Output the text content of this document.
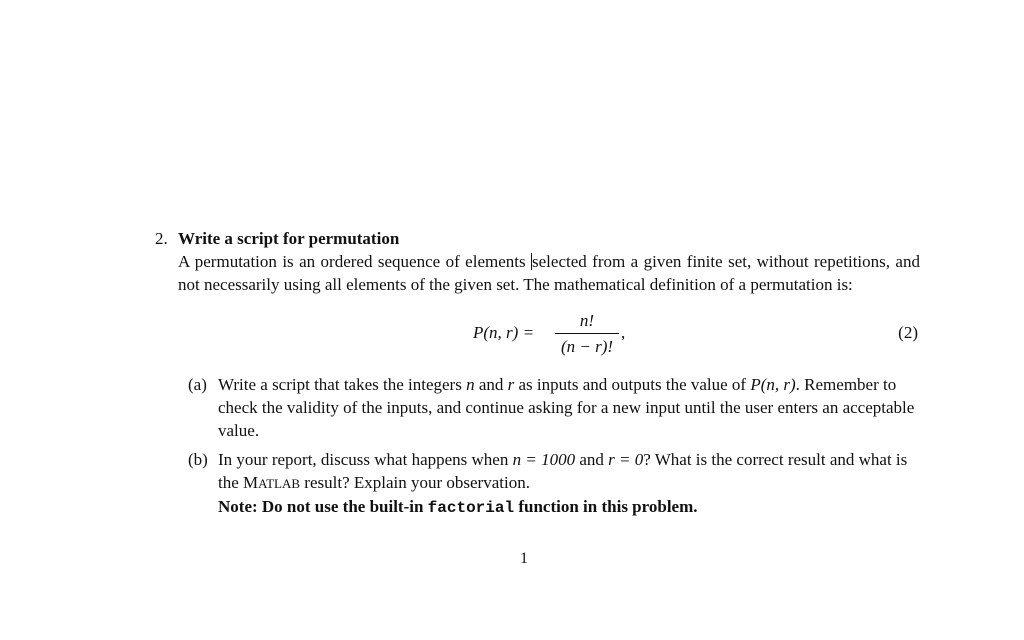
2. Write a script for permutation
A permutation is an ordered sequence of elements selected from a given finite set, without repetitions, and not necessarily using all elements of the given set. The mathematical definition of a permutation is:
P(n, r) =
n!
(n − r)!
,	(2)
(a) Write a script that takes the integers n and r as inputs and outputs the value of P(n, r). Remember to check the validity of the inputs, and continue asking for a new input until the user enters an acceptable value.
(b) In your report, discuss what happens when n = 1000 and r = 0? What is the correct result and what is the MATLAB result? Explain your observation.
Note: Do not use the built-in factorial function in this problem.
1
